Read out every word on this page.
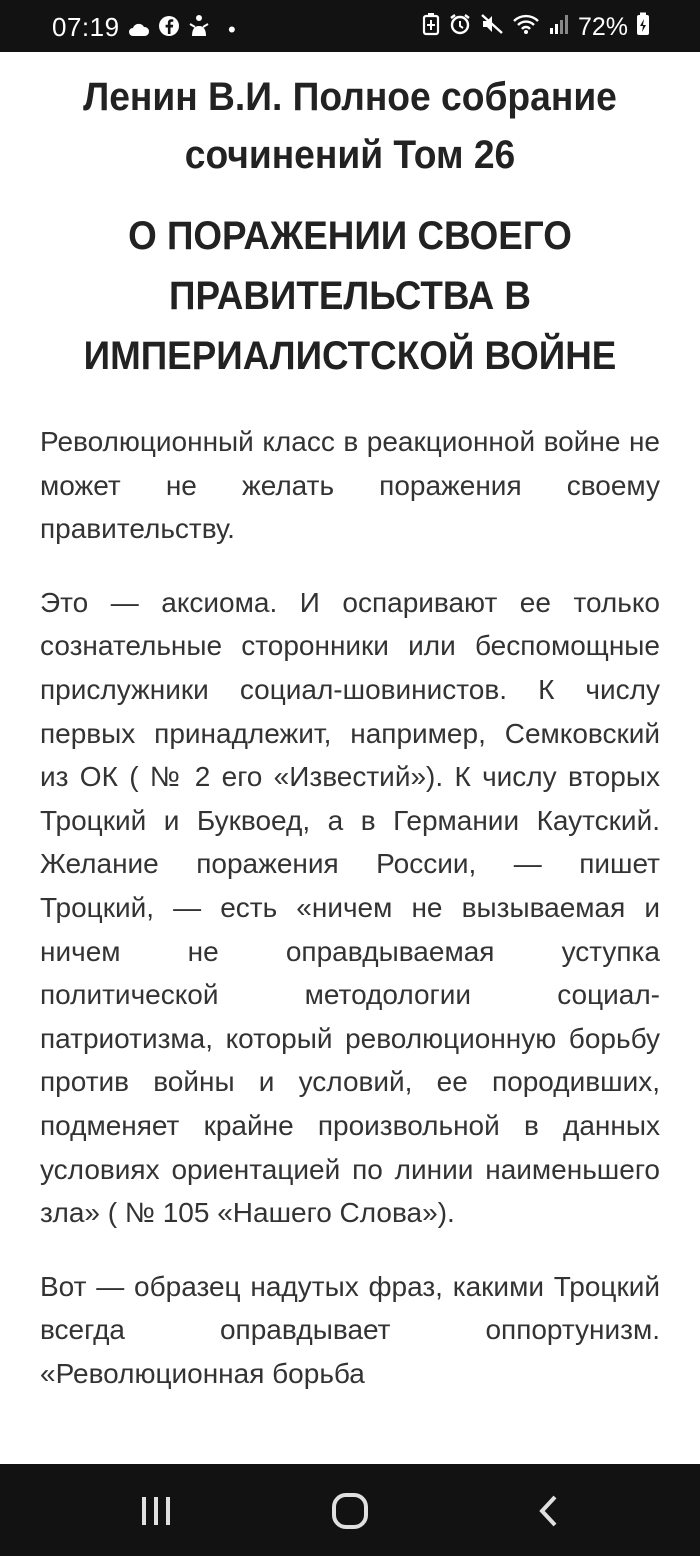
07:19	•	72%
Ленин В.И. Полное собрание сочинений Том 26
О ПОРАЖЕНИИ СВОЕГО ПРАВИТЕЛЬСТВА В ИМПЕРИАЛИСТСКОЙ ВОЙНЕ

Революционный класс в реакционной войне не может не желать поражения своему правительству.

Это — аксиома. И оспаривают ее только сознательные сторонники или беспомощные прислужники социал-шовинистов. К числу первых принадлежит, например, Семковский из ОК ( № 2 его «Известий»). К числу вторых Троцкий и Буквоед, а в Германии Каутский. Желание поражения России, — пишет Троцкий, — есть «ничем не вызываемая и ничем не оправдываемая уступка политической методологии социал-патриотизма, который революционную борьбу против войны и условий, ее породивших, подменяет крайне произвольной в данных условиях ориентацией по линии наименьшего зла» ( № 105 «Нашего Слова»).

Вот — образец надутых фраз, какими Троцкий всегда оправдывает оппортунизм. «Революционная борьба
